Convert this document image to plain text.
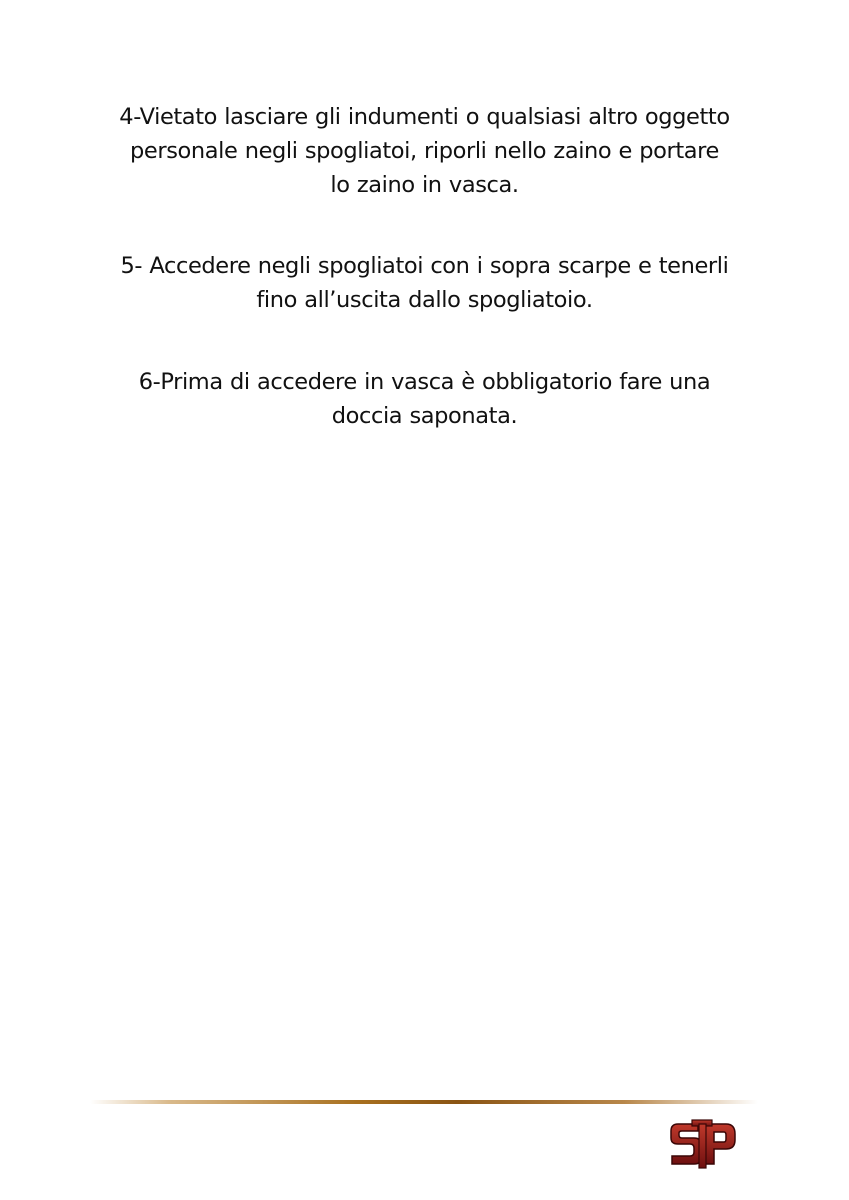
4-Vietato lasciare gli indumenti o qualsiasi altro oggetto
personale negli spogliatoi, riporli nello zaino e portare
lo zaino in vasca.
5- Accedere negli spogliatoi con i sopra scarpe e tenerli
fino all’uscita dallo spogliatoio.
6-Prima di accedere in vasca è obbligatorio fare una
doccia saponata.
